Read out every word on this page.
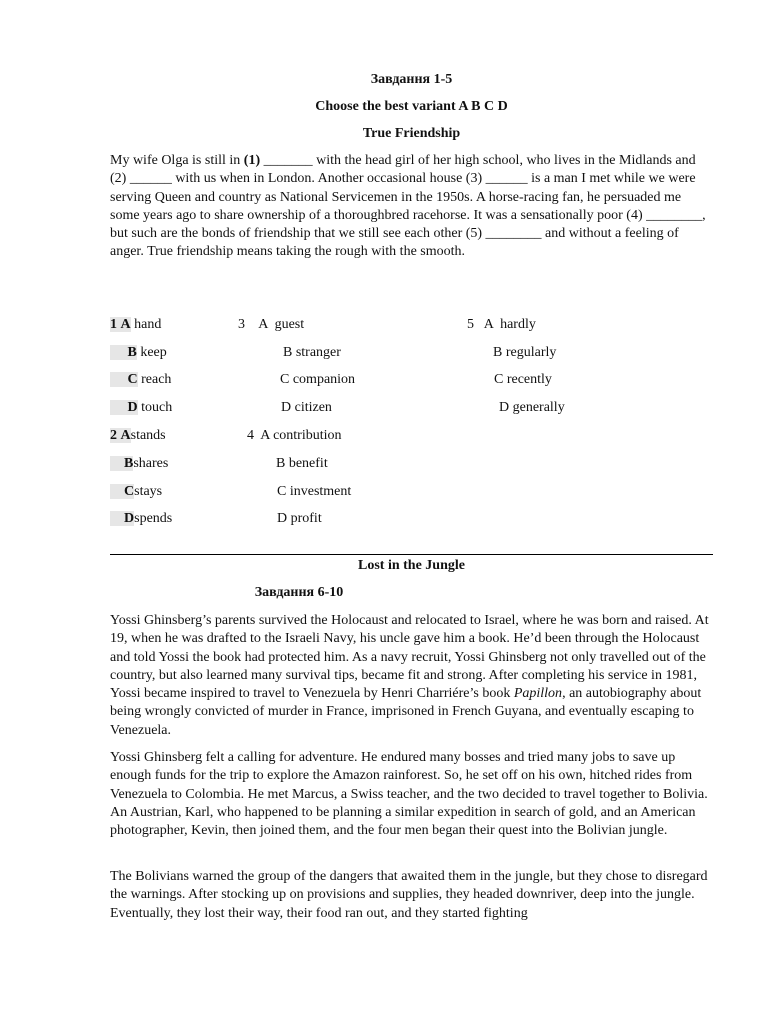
Завдання 1-5
Choose the best variant A B C D
True Friendship
My wife Olga is still in (1) _______ with the head girl of her high school, who lives in the Midlands and (2) ______ with us when in London. Another occasional house (3) ______ is a man I met while we were serving Queen and country as National Servicemen in the 1950s. A horse-racing fan, he persuaded me some years ago to share ownership of a thoroughbred racehorse. It was a sensationally poor (4) ________, but such are the bonds of friendship that we still see each other (5) ________ and without a feeling of anger. True friendship means taking the rough with the smooth.
1 A hand
B keep
C reach
D touch
2 Astands
Bshares
Cstays
Dspends
3    A  guest
B stranger
C companion
D citizen
4  A contribution
B benefit
C investment
D profit
5   A  hardly
B regularly
C recently
D generally
Lost in the Jungle
Завдання 6-10
Yossi Ghinsberg’s parents survived the Holocaust and relocated to Israel, where he was born and raised. At 19, when he was drafted to the Israeli Navy, his uncle gave him a book. He’d been through the Holocaust and told Yossi the book had protected him. As a navy recruit, Yossi Ghinsberg not only travelled out of the country, but also learned many survival tips, became fit and strong. After completing his service in 1981, Yossi became inspired to travel to Venezuela by Henri Charriére’s book Papillon, an autobiography about being wrongly convicted of murder in France, imprisoned in French Guyana, and eventually escaping to Venezuela.
Yossi Ghinsberg felt a calling for adventure. He endured many bosses and tried many jobs to save up enough funds for the trip to explore the Amazon rainforest. So, he set off on his own, hitched rides from Venezuela to Colombia. He met Marcus, a Swiss teacher, and the two decided to travel together to Bolivia. An Austrian, Karl, who happened to be planning a similar expedition in search of gold, and an American photographer, Kevin, then joined them, and the four men began their quest into the Bolivian jungle.
The Bolivians warned the group of the dangers that awaited them in the jungle, but they chose to disregard the warnings. After stocking up on provisions and supplies, they headed downriver, deep into the jungle. Eventually, they lost their way, their food ran out, and they started fighting
